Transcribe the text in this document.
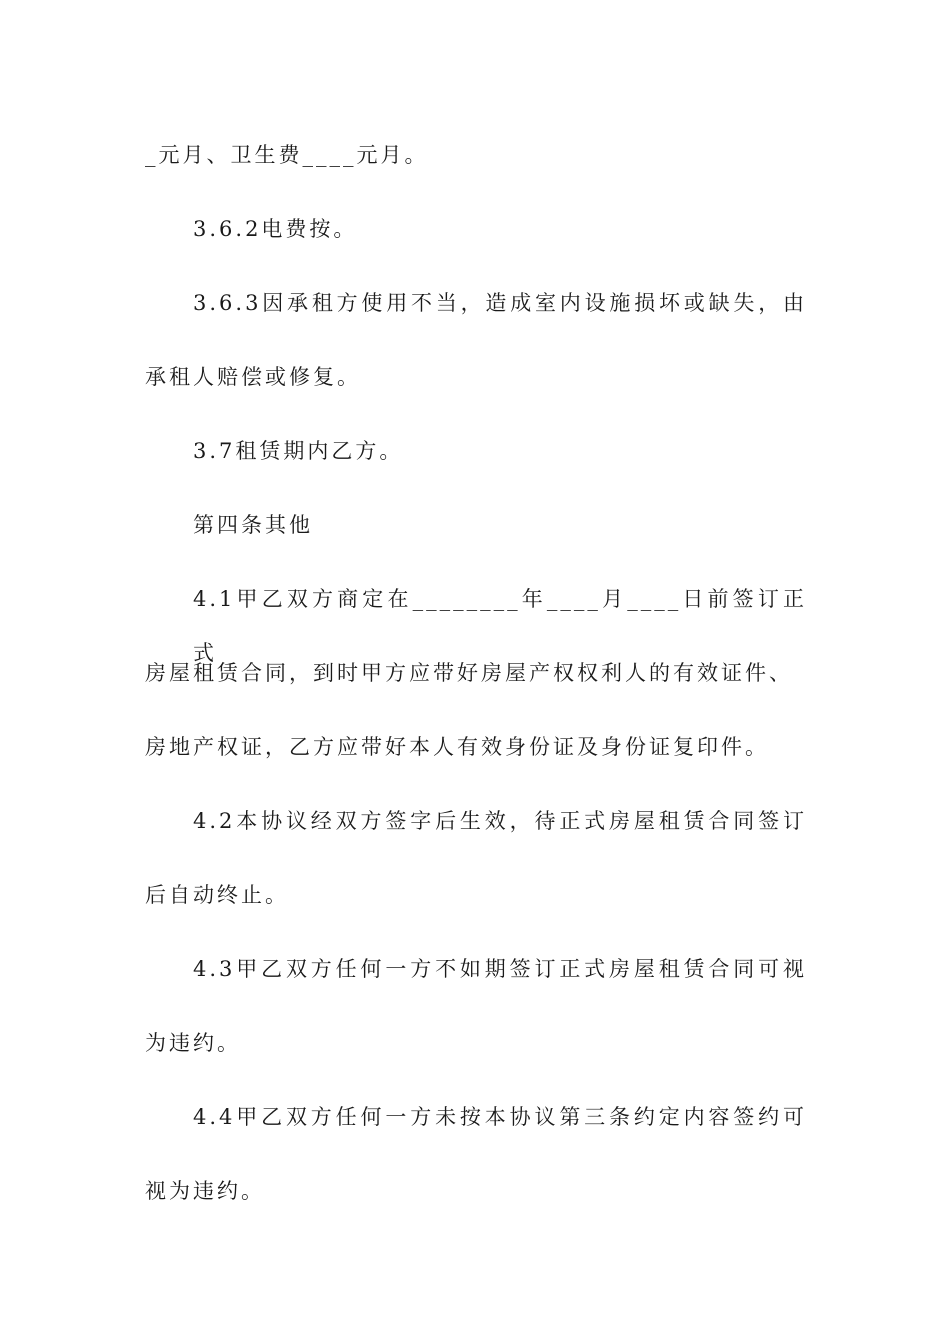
_元月、卫生费____元月。
3.6.2电费按。
3.6.3因承租方使用不当，造成室内设施损坏或缺失，由
承租人赔偿或修复。
3.7租赁期内乙方。
第四条其他
4.1甲乙双方商定在________年____月____日前签订正式
房屋租赁合同，到时甲方应带好房屋产权权利人的有效证件、
房地产权证，乙方应带好本人有效身份证及身份证复印件。
4.2本协议经双方签字后生效，待正式房屋租赁合同签订
后自动终止。
4.3甲乙双方任何一方不如期签订正式房屋租赁合同可视
为违约。
4.4甲乙双方任何一方未按本协议第三条约定内容签约可
视为违约。
